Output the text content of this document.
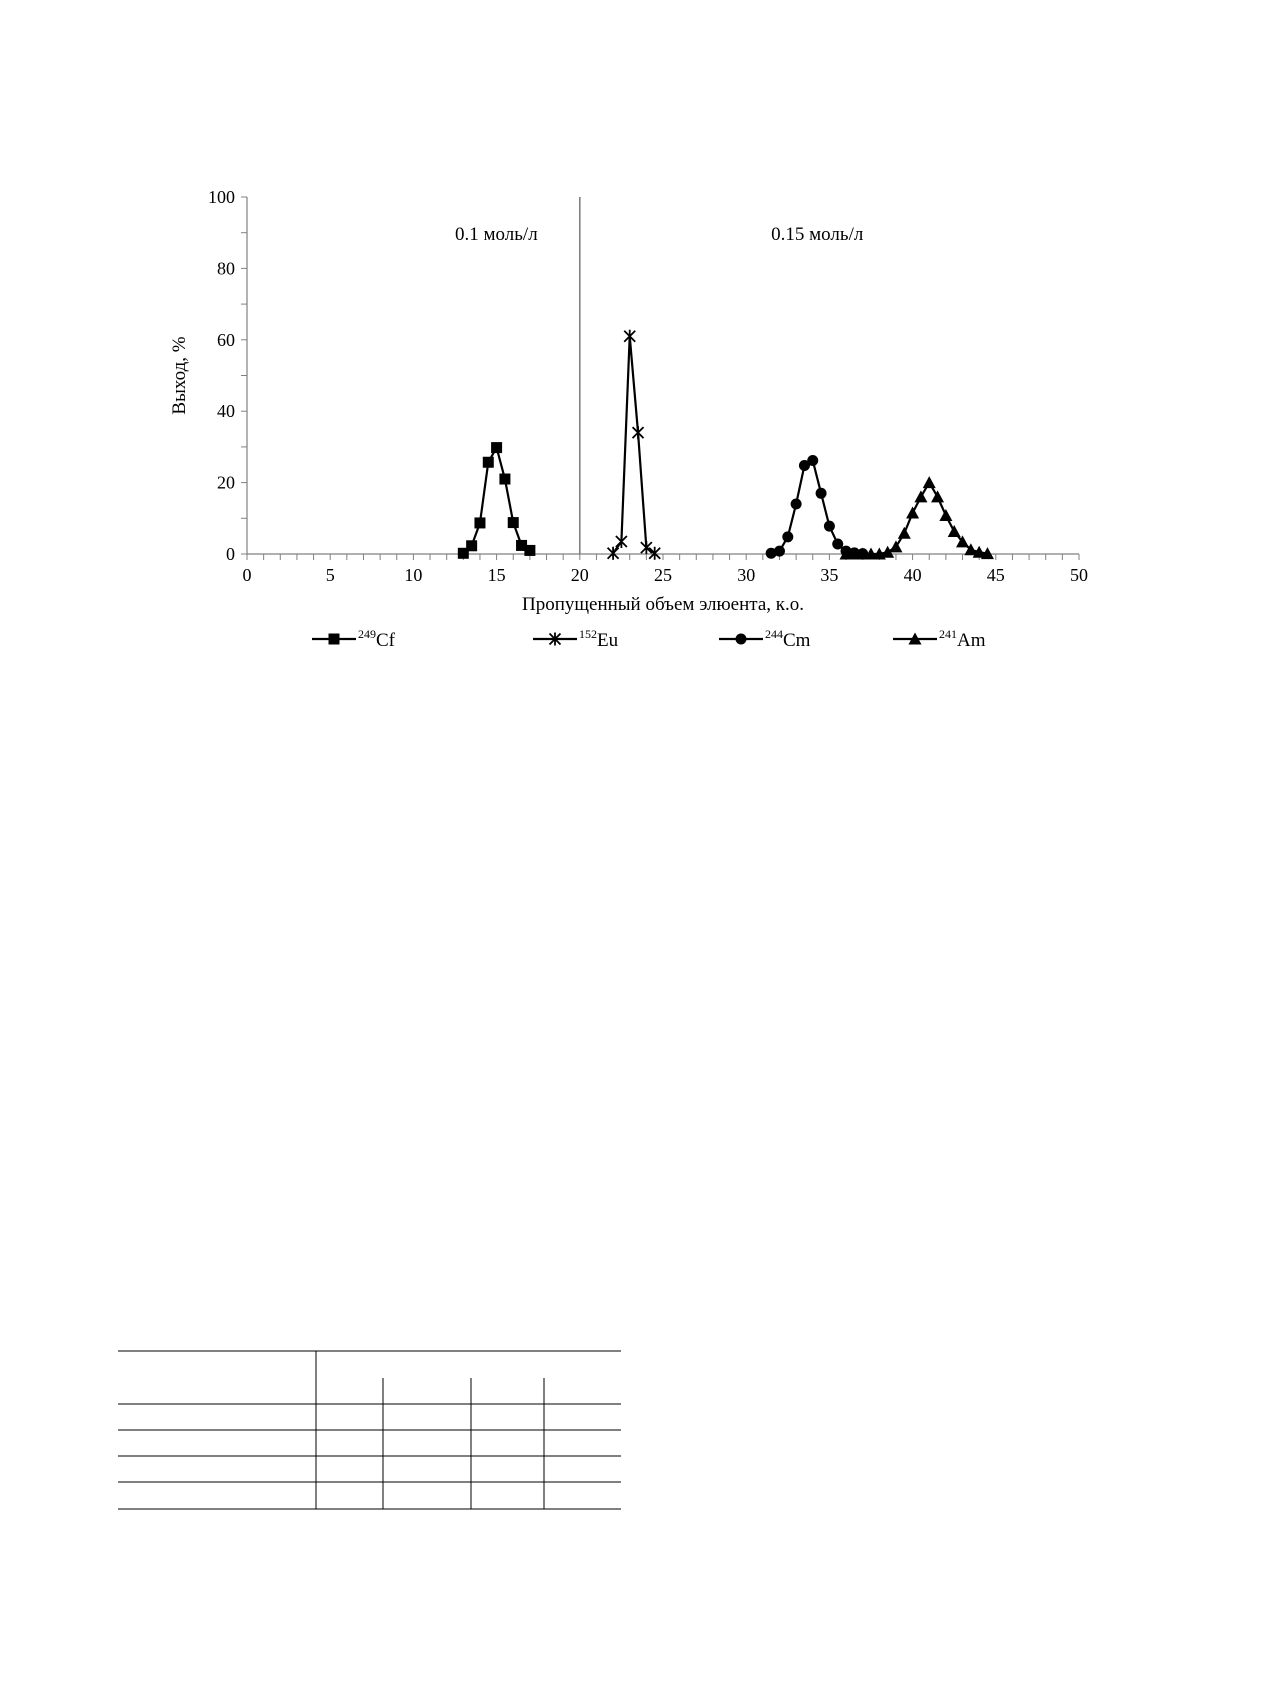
0
20
40
60
80
100
0	5	10	15	20	25	30	35	40	45	50
0.1 моль/л	0.15 моль/л
Пропущенный объем элюента, к.о.
Выход, %
$^{249}$Cf	$^{152}$Eu	$^{244}$Cm	$^{241}$Am
